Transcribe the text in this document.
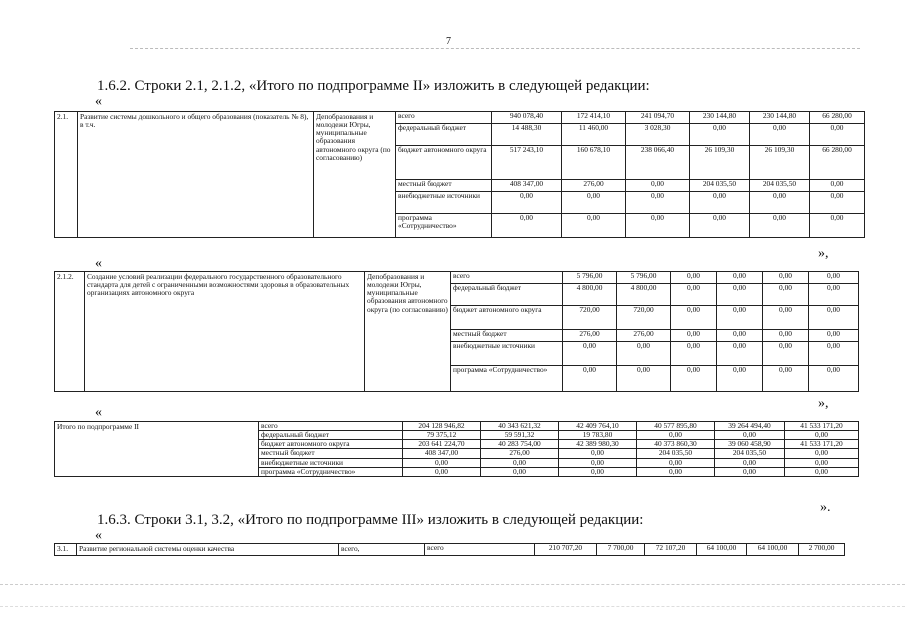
7
1.6.2. Строки 2.1, 2.1.2, «Итого по подпрограмме II» изложить в следующей редакции:
«
2.1.	Развитие системы дошкольного и общего образования (показатель № 8), в т.ч.	Депобразования и молодежи Югры, муниципальные образования автономного округа (по согласованию)	всего	940 078,40	172 414,10	241 094,70	230 144,80	230 144,80	66 280,00
			федеральный бюджет	14 488,30	11 460,00	3 028,30	0,00	0,00	0,00
			бюджет автономного округа	517 243,10	160 678,10	238 066,40	26 109,30	26 109,30	66 280,00
			местный бюджет	408 347,00	276,00	0,00	204 035,50	204 035,50	0,00
			внебюджетные источники	0,00	0,00	0,00	0,00	0,00	0,00
			программа «Сотрудничество»	0,00	0,00	0,00	0,00	0,00	0,00
»,
«
2.1.2.	Создание условий реализации федерального государственного образовательного стандарта для детей с ограниченными возможностями здоровья в образовательных организациях автономного округа	Депобразования и молодежи Югры, муниципальные образования автономного округа (по согласованию)	всего	5 796,00	5 796,00	0,00	0,00	0,00	0,00
			федеральный бюджет	4 800,00	4 800,00	0,00	0,00	0,00	0,00
			бюджет автономного округа	720,00	720,00	0,00	0,00	0,00	0,00
			местный бюджет	276,00	276,00	0,00	0,00	0,00	0,00
			внебюджетные источники	0,00	0,00	0,00	0,00	0,00	0,00
			программа «Сотрудничество»	0,00	0,00	0,00	0,00	0,00	0,00
»,
«
Итого по подпрограмме II	всего	204 128 946,82	40 343 621,32	42 409 764,10	40 577 895,80	39 264 494,40	41 533 171,20
	федеральный бюджет	79 375,12	59 591,32	19 783,80	0,00	0,00	0,00
	бюджет автономного округа	203 641 224,70	40 283 754,00	42 389 980,30	40 373 860,30	39 060 458,90	41 533 171,20
	местный бюджет	408 347,00	276,00	0,00	204 035,50	204 035,50	0,00
	внебюджетные источники	0,00	0,00	0,00	0,00	0,00	0,00
	программа «Сотрудничество»	0,00	0,00	0,00	0,00	0,00	0,00
».
1.6.3. Строки 3.1, 3.2, «Итого по подпрограмме III» изложить в следующей редакции:
«
3.1.	Развитие региональной системы оценки качества	всего,	всего	210 707,20	7 700,00	72 107,20	64 100,00	64 100,00	2 700,00
